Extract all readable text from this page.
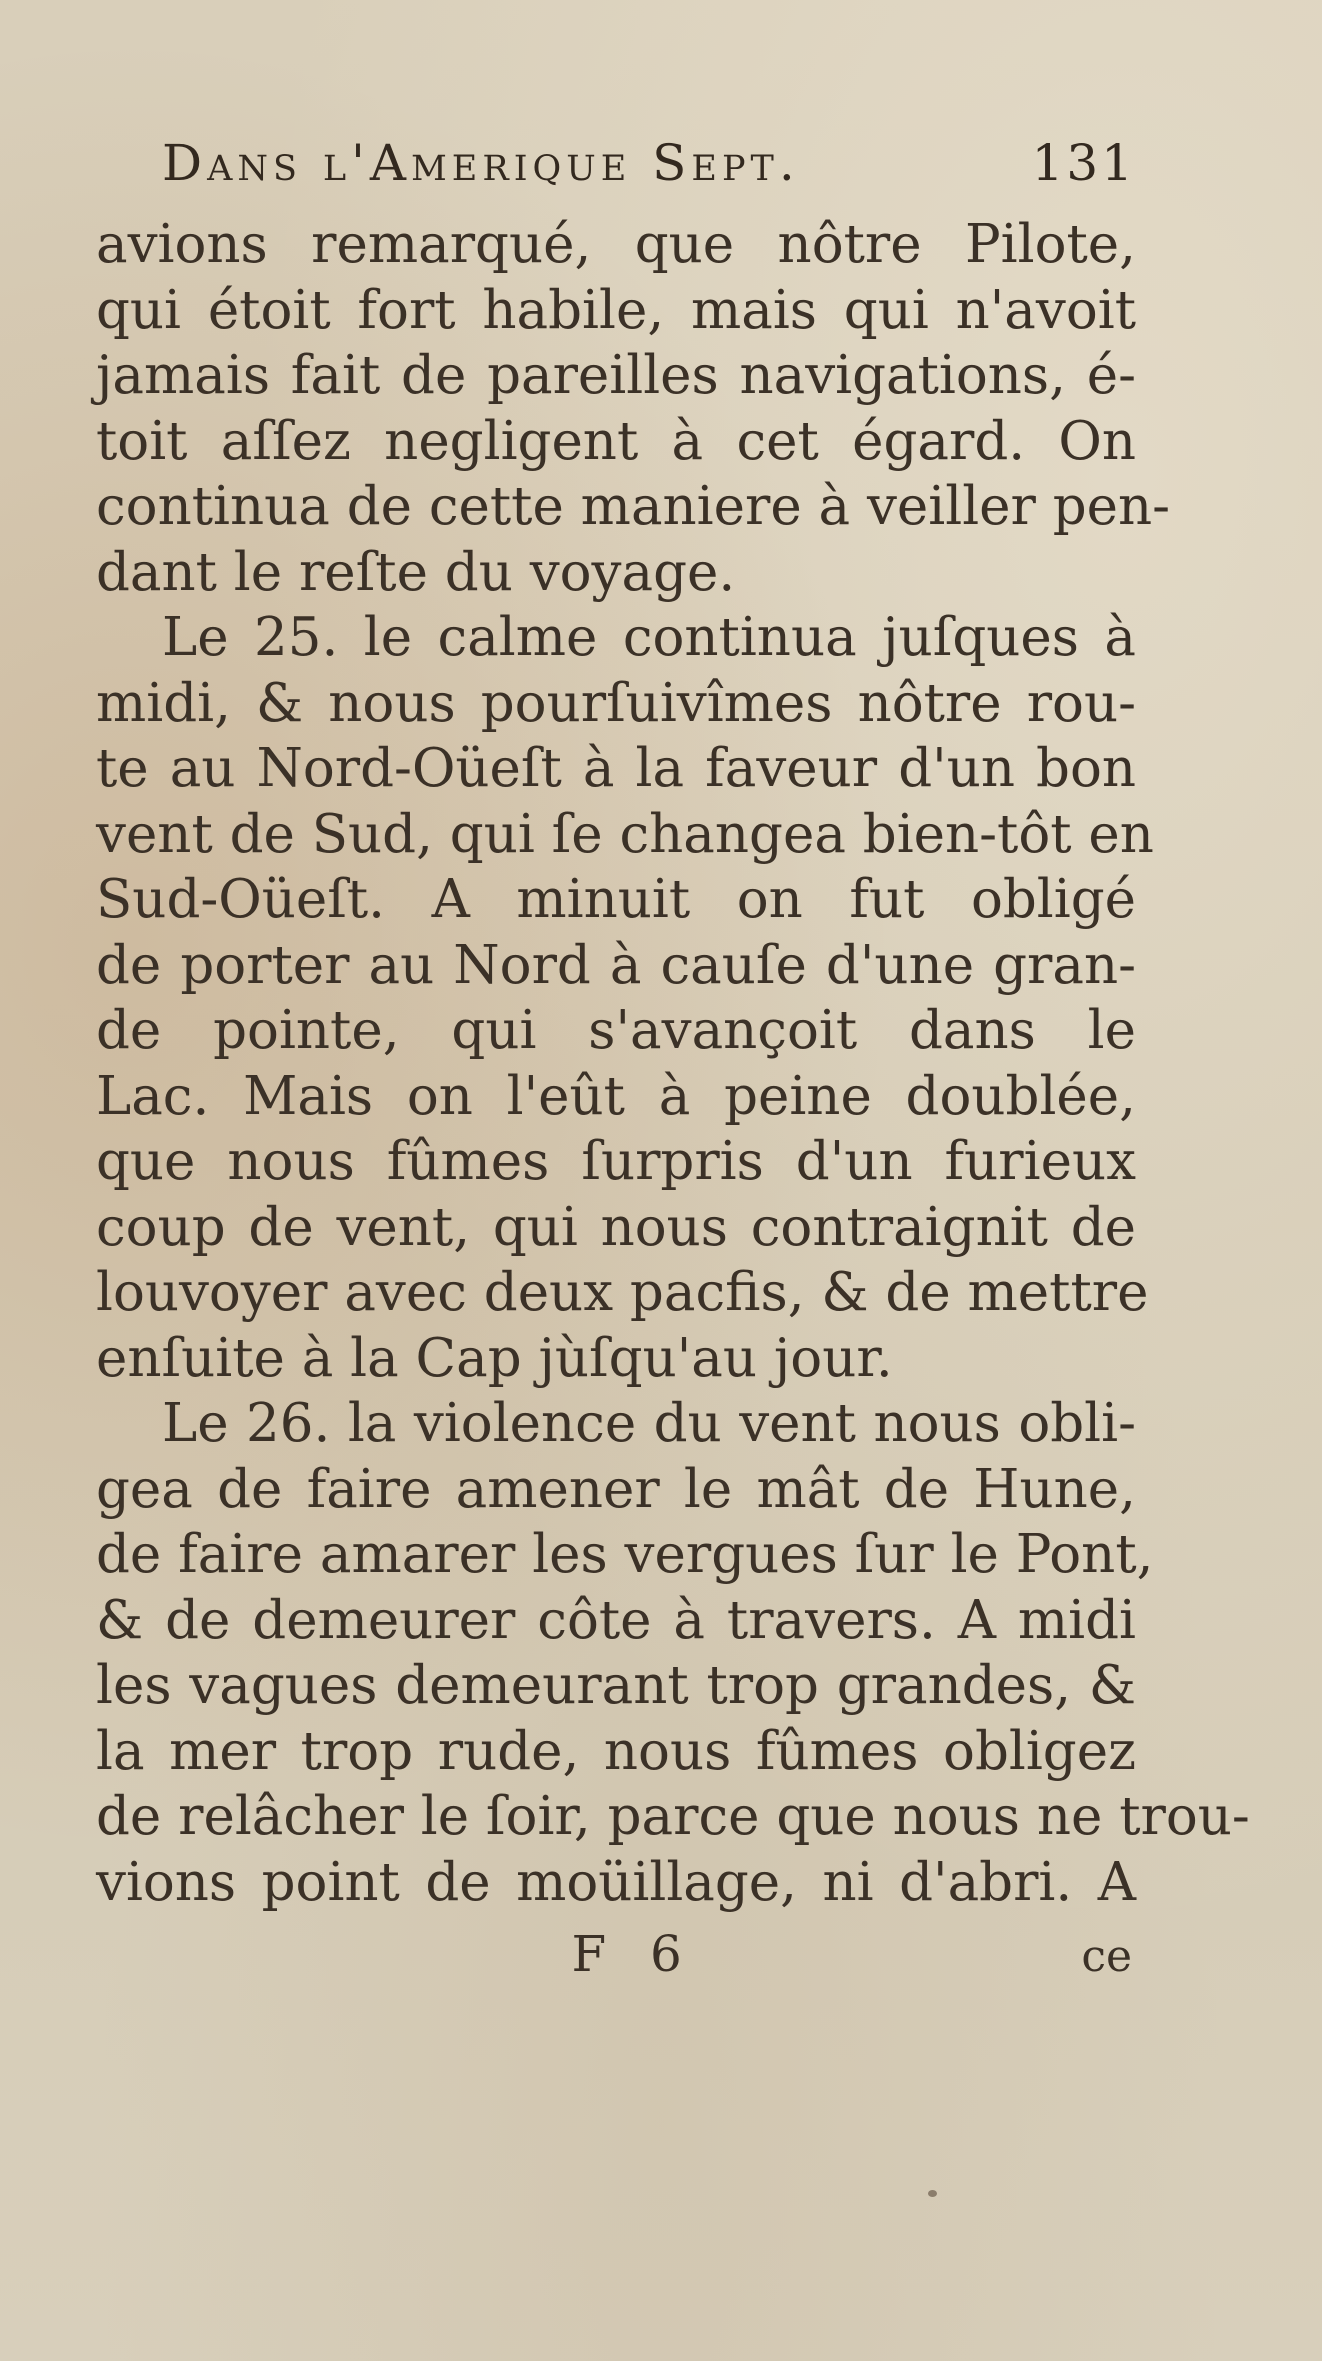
Dans l'Amerique Sept.	131
avions remarqué, que nôtre Pilote,
qui étoit fort habile, mais qui n'avoit
jamais fait de pareilles navigations, é-
toit aſſez negligent à cet égard. On
continua de cette maniere à veiller pen-
dant le reſte du voyage.
Le 25. le calme continua juſques à
midi, & nous pourſuivîmes nôtre rou-
te au Nord-Oüeſt à la faveur d'un bon
vent de Sud, qui ſe changea bien-tôt en
Sud-Oüeſt. A minuit on fut obligé
de porter au Nord à cauſe d'une gran-
de pointe, qui s'avançoit dans le
Lac. Mais on l'eût à peine doublée,
que nous fûmes ſurpris d'un furieux
coup de vent, qui nous contraignit de
louvoyer avec deux pacfis, & de mettre
enſuite à la Cap jùſqu'au jour.
Le 26. la violence du vent nous obli-
gea de faire amener le mât de Hune,
de faire amarer les vergues ſur le Pont,
& de demeurer côte à travers. A midi
les vagues demeurant trop grandes, &
la mer trop rude, nous fûmes obligez
de relâcher le ſoir, parce que nous ne trou-
vions point de moüillage, ni d'abri. A
F 6	ce
